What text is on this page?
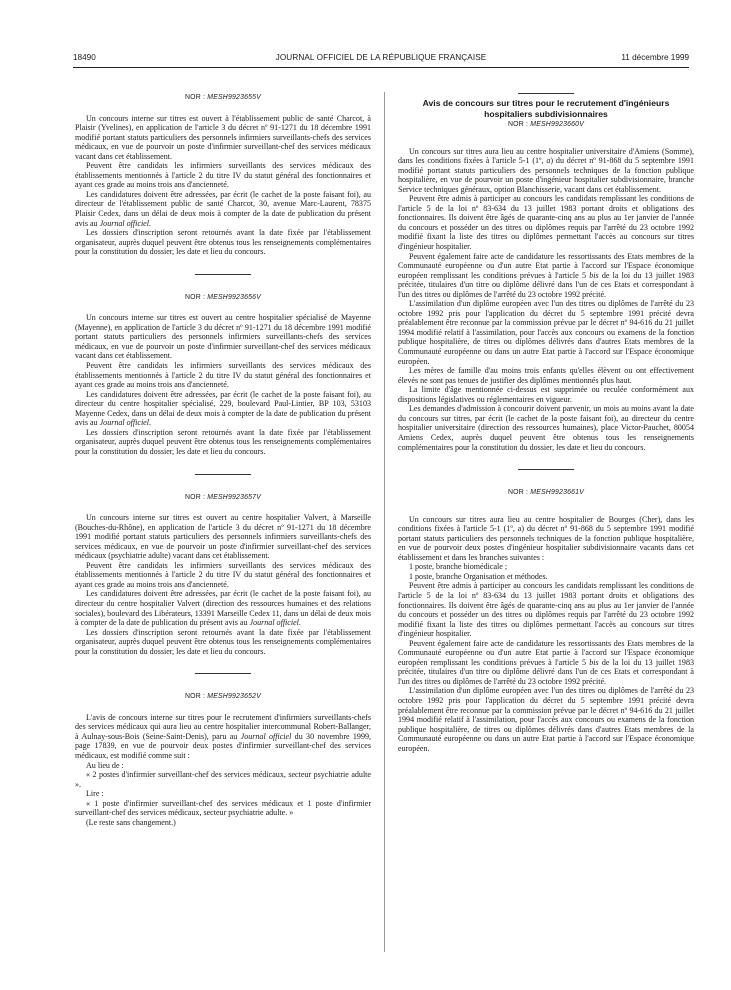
18490	JOURNAL OFFICIEL DE LA RÉPUBLIQUE FRANÇAISE	11 décembre 1999
NOR : MESH9923655V

Un concours interne sur titres est ouvert à l'établissement public de santé Charcot, à Plaisir (Yvelines), en application de l'article 3 du décret nº 91-1271 du 18 décembre 1991 modifié portant statuts particuliers des personnels infirmiers surveillants-chefs des services médicaux, en vue de pourvoir un poste d'infirmier surveillant-chef des services médicaux vacant dans cet établissement.

Peuvent être candidats les infirmiers surveillants des services médicaux des établissements mentionnés à l'article 2 du titre IV du statut général des fonctionnaires et ayant ces grade au moins trois ans d'ancienneté.

Les candidatures doivent être adressées, par écrit (le cachet de la poste faisant foi), au directeur de l'établissement public de santé Charcot, 30, avenue Marc-Laurent, 78375 Plaisir Cedex, dans un délai de deux mois à compter de la date de publication du présent avis au Journal officiel.

Les dossiers d'inscription seront retournés avant la date fixée par l'établissement organisateur, auprès duquel peuvent être obtenus tous les renseignements complémentaires pour la constitution du dossier, les date et lieu du concours.

NOR : MESH9923656V

Un concours interne sur titres est ouvert au centre hospitalier spécialisé de Mayenne (Mayenne), en application de l'article 3 du décret nº 91-1271 du 18 décembre 1991 modifié portant statuts particuliers des personnels infirmiers surveillants-chefs des services médicaux, en vue de pourvoir un poste d'infirmier surveillant-chef des services médicaux vacant dans cet établissement.

Peuvent être candidats les infirmiers surveillants des services médicaux des établissements mentionnés à l'article 2 du titre IV du statut général des fonctionnaires et ayant ces grade au moins trois ans d'ancienneté.

Les candidatures doivent être adressées, par écrit (le cachet de la poste faisant foi), au directeur du centre hospitalier spécialisé, 229, boulevard Paul-Lintier, BP 103, 53103 Mayenne Cedex, dans un délai de deux mois à compter de la date de publication du présent avis au Journal officiel.

Les dossiers d'inscription seront retournés avant la date fixée par l'établissement organisateur, auprès duquel peuvent être obtenus tous les renseignements complémentaires pour la constitution du dossier, les date et lieu du concours.

NOR : MESH9923657V

Un concours interne sur titres est ouvert au centre hospitalier Valvert, à Marseille (Bouches-du-Rhône), en application de l'article 3 du décret nº 91-1271 du 18 décembre 1991 modifié portant statuts particuliers des personnels infirmiers surveillants-chefs des services médicaux, en vue de pourvoir un poste d'infirmier surveillant-chef des services médicaux (psychiatrie adulte) vacant dans cet établissement.

Peuvent être candidats les infirmiers surveillants des services médicaux des établissements mentionnés à l'article 2 du titre IV du statut général des fonctionnaires et ayant ces grade au moins trois ans d'ancienneté.

Les candidatures doivent être adressées, par écrit (le cachet de la poste faisant foi), au directeur du centre hospitalier Valvert (direction des ressources humaines et des relations sociales), boulevard des Libérateurs, 13391 Marseille Cedex 11, dans un délai de deux mois à compter de la date de publication du présent avis au Journal officiel.

Les dossiers d'inscription seront retournés avant la date fixée par l'établissement organisateur, auprès duquel peuvent être obtenus tous les renseignements complémentaires pour la constitution du dossier, les date et lieu du concours.

NOR : MESH9923652V

L'avis de concours interne sur titres pour le recrutement d'infirmiers surveillants-chefs des services médicaux qui aura lieu au centre hospitalier intercommunal Robert-Ballanger, à Aulnay-sous-Bois (Seine-Saint-Denis), paru au Journal officiel du 30 novembre 1999, page 17839, en vue de pourvoir deux postes d'infirmier surveillant-chef des services médicaux, est modifié comme suit :

Au lieu de :

« 2 postes d'infirmier surveillant-chef des services médicaux, secteur psychiatrie adulte ».

Lire :

« 1 poste d'infirmier surveillant-chef des services médicaux et 1 poste d'infirmier surveillant-chef des services médicaux, secteur psychiatrie adulte. »

(Le reste sans changement.)

Avis de concours sur titres pour le recrutement d'ingénieurs hospitaliers subdivisionnaires
NOR : MESH9923660V

Un concours sur titres aura lieu au centre hospitalier universitaire d'Amiens (Somme), dans les conditions fixées à l'article 5-1 (1º, a) du décret nº 91-868 du 5 septembre 1991 modifié portant statuts particuliers des personnels techniques de la fonction publique hospitalière, en vue de pourvoir un poste d'ingénieur hospitalier subdivisionnaire, branche Service techniques généraux, option Blanchisserie, vacant dans cet établissement.

Peuvent être admis à participer au concours les candidats remplissant les conditions de l'article 5 de la loi nº 83-634 du 13 juillet 1983 portant droits et obligations des fonctionnaires. Ils doivent être âgés de quarante-cinq ans au plus au 1er janvier de l'année du concours et posséder un des titres ou diplômes requis par l'arrêté du 23 octobre 1992 modifié fixant la liste des titres ou diplômes permettant l'accès au concours sur titres d'ingénieur hospitalier.

Peuvent également faire acte de candidature les ressortissants des Etats membres de la Communauté européenne ou d'un autre Etat partie à l'accord sur l'Espace économique européen remplissant les conditions prévues à l'article 5 bis de la loi du 13 juillet 1983 précitée, titulaires d'un titre ou diplôme délivré dans l'un de ces Etats et correspondant à l'un des titres ou diplômes de l'arrêté du 23 octobre 1992 précité.

L'assimilation d'un diplôme européen avec l'un des titres ou diplômes de l'arrêté du 23 octobre 1992 pris pour l'application du décret du 5 septembre 1991 précité devra préalablement être reconnue par la commission prévue par le décret nº 94-616 du 21 juillet 1994 modifié relatif à l'assimilation, pour l'accès aux concours ou examens de la fonction publique hospitalière, de titres ou diplômes délivrés dans d'autres Etats membres de la Communauté européenne ou dans un autre Etat partie à l'accord sur l'Espace économique européen.

Les mères de famille d'au moins trois enfants qu'elles élèvent ou ont effectivement élevés ne sont pas tenues de justifier des diplômes mentionnés plus haut.

La limite d'âge mentionnée ci-dessus est supprimée ou reculée conformément aux dispositions législatives ou réglementaires en vigueur.

Les demandes d'admission à concourir doivent parvenir, un mois au moins avant la date du concours sur titres, par écrit (le cachet de la poste faisant foi), au directeur du centre hospitalier universitaire (direction des ressources humaines), place Victor-Pauchet, 80054 Amiens Cedex, auprès duquel peuvent être obtenus tous les renseignements complémentaires pour la constitution du dossier, les date et lieu du concours.

NOR : MESH9923661V

Un concours sur titres aura lieu au centre hospitalier de Bourges (Cher), dans les conditions fixées à l'article 5-1 (1º, a) du décret nº 91-868 du 5 septembre 1991 modifié portant statuts particuliers des personnels techniques de la fonction publique hospitalière, en vue de pourvoir deux postes d'ingénieur hospitalier subdivisionnaire vacants dans cet établissement et dans les branches suivantes :

1 poste, branche biomédicale ;

1 poste, branche Organisation et méthodes.

Peuvent être admis à participer au concours les candidats remplissant les conditions de l'article 5 de la loi nº 83-634 du 13 juillet 1983 portant droits et obligations des fonctionnaires. Ils doivent être âgés de quarante-cinq ans au plus au 1er janvier de l'année du concours et posséder un des titres ou diplômes requis par l'arrêté du 23 octobre 1992 modifié fixant la liste des titres ou diplômes permettant l'accès au concours sur titres d'ingénieur hospitalier.

Peuvent également faire acte de candidature les ressortissants des Etats membres de la Communauté européenne ou d'un autre Etat partie à l'accord sur l'Espace économique européen remplissant les conditions prévues à l'article 5 bis de la loi du 13 juillet 1983 précitée, titulaires d'un titre ou diplôme délivré dans l'un de ces Etats et correspondant à l'un des titres ou diplômes de l'arrêté du 23 octobre 1992 précité.

L'assimilation d'un diplôme européen avec l'un des titres ou diplômes de l'arrêté du 23 octobre 1992 pris pour l'application du décret du 5 septembre 1991 précité devra préalablement être reconnue par la commission prévue par le décret nº 94-616 du 21 juillet 1994 modifié relatif à l'assimilation, pour l'accès aux concours ou examens de la fonction publique hospitalière, de titres ou diplômes délivrés dans d'autres Etats membres de la Communauté européenne ou dans un autre Etat partie à l'accord sur l'Espace économique européen.
